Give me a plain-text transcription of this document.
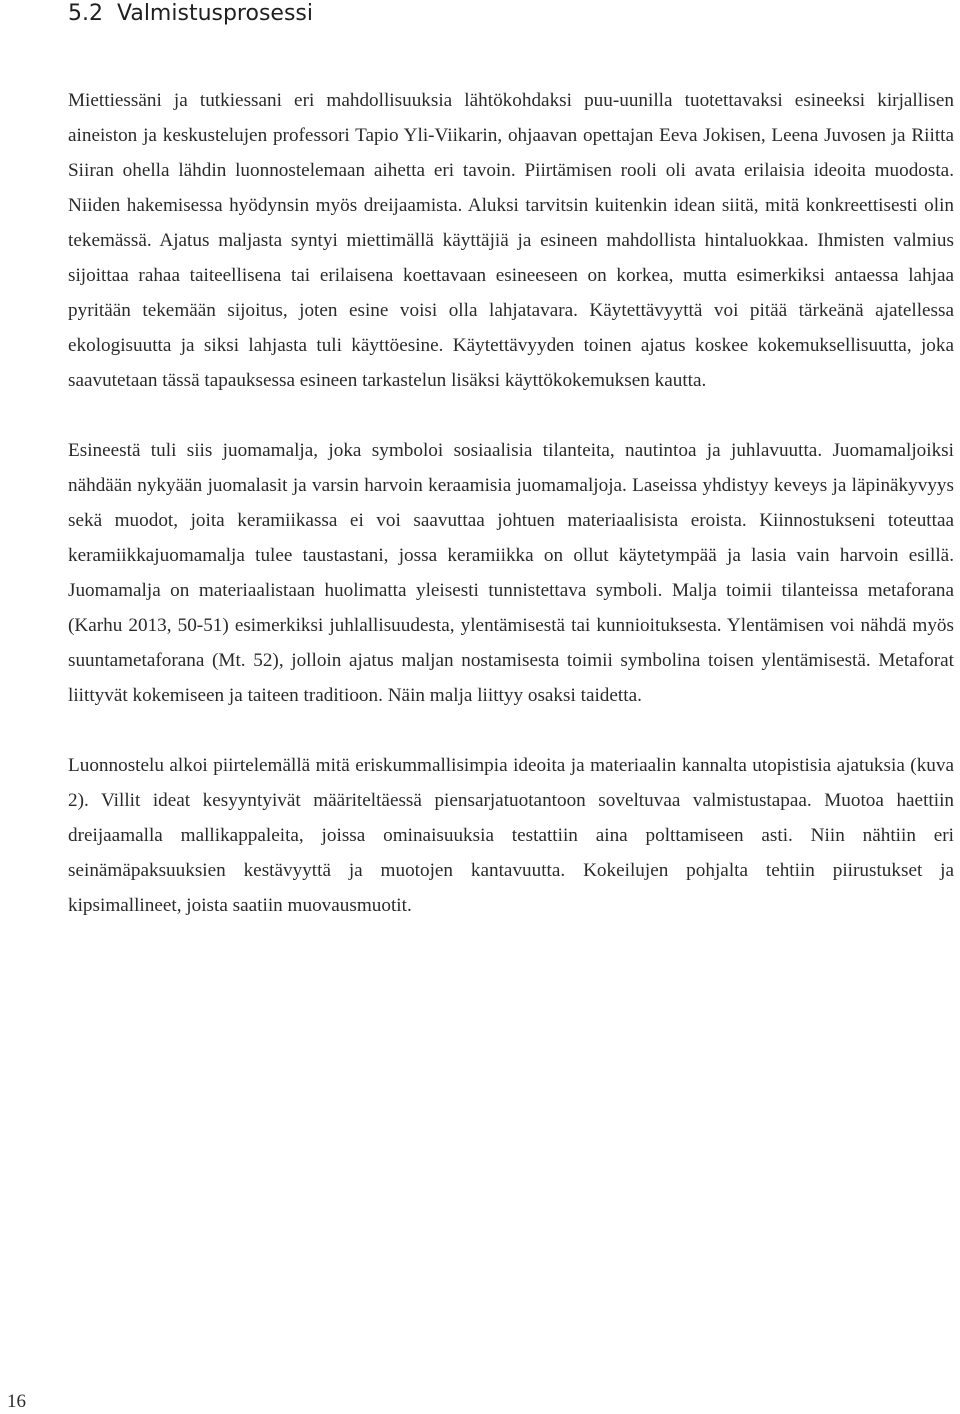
5.2 Valmistusprosessi

Miettiessäni ja tutkiessani eri mahdollisuuksia lähtökohdaksi puu-uunilla tuotettavaksi esineeksi kirjallisen aineiston ja keskustelujen professori Tapio Yli-Viikarin, ohjaavan opettajan Eeva Jokisen, Leena Juvosen ja Riitta Siiran ohella lähdin luonnostelemaan aihetta eri tavoin. Piirtämisen rooli oli avata erilaisia ideoita muodosta. Niiden hakemisessa hyödynsin myös dreijaamista. Aluksi tarvitsin kuitenkin idean siitä, mitä konkreettisesti olin tekemässä. Ajatus maljasta syntyi miettimällä käyttäjiä ja esineen mahdollista hintaluokkaa. Ihmisten valmius sijoittaa rahaa taiteellisena tai erilaisena koettavaan esineeseen on korkea, mutta esimerkiksi antaessa lahjaa pyritään tekemään sijoitus, joten esine voisi olla lahjatavara. Käytettävyyttä voi pitää tärkeänä ajatellessa ekologisuutta ja siksi lahjasta tuli käyttöesine. Käytettävyyden toinen ajatus koskee kokemuksellisuutta, joka saavutetaan tässä tapauksessa esineen tarkastelun lisäksi käyttökokemuksen kautta.

Esineestä tuli siis juomamalja, joka symboloi sosiaalisia tilanteita, nautintoa ja juhlavuutta. Juomamaljoiksi nähdään nykyään juomalasit ja varsin harvoin keraamisia juomamaljoja. Laseissa yhdistyy keveys ja läpinäkyvyys sekä muodot, joita keramiikassa ei voi saavuttaa johtuen materiaalisista eroista. Kiinnostukseni toteuttaa keramiikkajuomamalja tulee taustastani, jossa keramiikka on ollut käytetympää ja lasia vain harvoin esillä. Juomamalja on materiaalistaan huolimatta yleisesti tunnistettava symboli. Malja toimii tilanteissa metaforana (Karhu 2013, 50-51) esimerkiksi juhlallisuudesta, ylentämisestä tai kunnioituksesta. Ylentämisen voi nähdä myös suuntametaforana (Mt. 52), jolloin ajatus maljan nostamisesta toimii symbolina toisen ylentämisestä. Metaforat liittyvät kokemiseen ja taiteen traditioon. Näin malja liittyy osaksi taidetta.

Luonnostelu alkoi piirtelemällä mitä eriskummallisimpia ideoita ja materiaalin kannalta utopistisia ajatuksia (kuva 2). Villit ideat kesyyntyivät määriteltäessä piensarjatuotantoon soveltuvaa valmistustapaa. Muotoa haettiin dreijaamalla mallikappaleita, joissa ominaisuuksia testattiin aina polttamiseen asti. Niin nähtiin eri seinämäpaksuuksien kestävyyttä ja muotojen kantavuutta. Kokeilujen pohjalta tehtiin piirustukset ja kipsimallineet, joista saatiin muovausmuotit.

16
